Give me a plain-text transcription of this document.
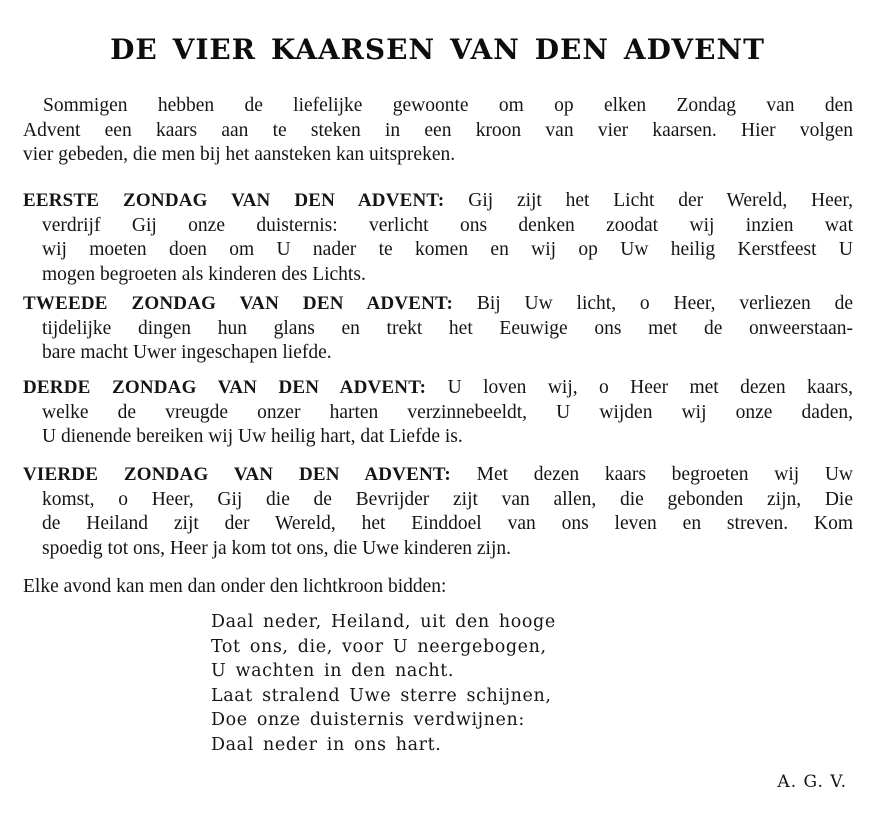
de vier kaarsen van den advent
Sommigen hebben de liefelijke gewoonte om op elken Zondag van den
Advent een kaars aan te steken in een kroon van vier kaarsen. Hier volgen
vier gebeden, die men bij het aansteken kan uitspreken.
EERSTE ZONDAG VAN DEN ADVENT: Gij zijt het Licht der Wereld, Heer,
verdrijf Gij onze duisternis: verlicht ons denken zoodat wij inzien wat
wij moeten doen om U nader te komen en wij op Uw heilig Kerstfeest U
mogen begroeten als kinderen des Lichts.
TWEEDE ZONDAG VAN DEN ADVENT: Bij Uw licht, o Heer, verliezen de
tijdelijke dingen hun glans en trekt het Eeuwige ons met de onweerstaan-
bare macht Uwer ingeschapen liefde.
DERDE ZONDAG VAN DEN ADVENT: U loven wij, o Heer met dezen kaars,
welke de vreugde onzer harten verzinnebeeldt, U wijden wij onze daden,
U dienende bereiken wij Uw heilig hart, dat Liefde is.
VIERDE ZONDAG VAN DEN ADVENT: Met dezen kaars begroeten wij Uw
komst, o Heer, Gij die de Bevrijder zijt van allen, die gebonden zijn, Die
de Heiland zijt der Wereld, het Einddoel van ons leven en streven. Kom
spoedig tot ons, Heer ja kom tot ons, die Uwe kinderen zijn.
Elke avond kan men dan onder den lichtkroon bidden:
Daal neder, Heiland, uit den hooge
Tot ons, die, voor U neergebogen,
U wachten in den nacht.
Laat stralend Uwe sterre schijnen,
Doe onze duisternis verdwijnen:
Daal neder in ons hart.
A. G. V.
